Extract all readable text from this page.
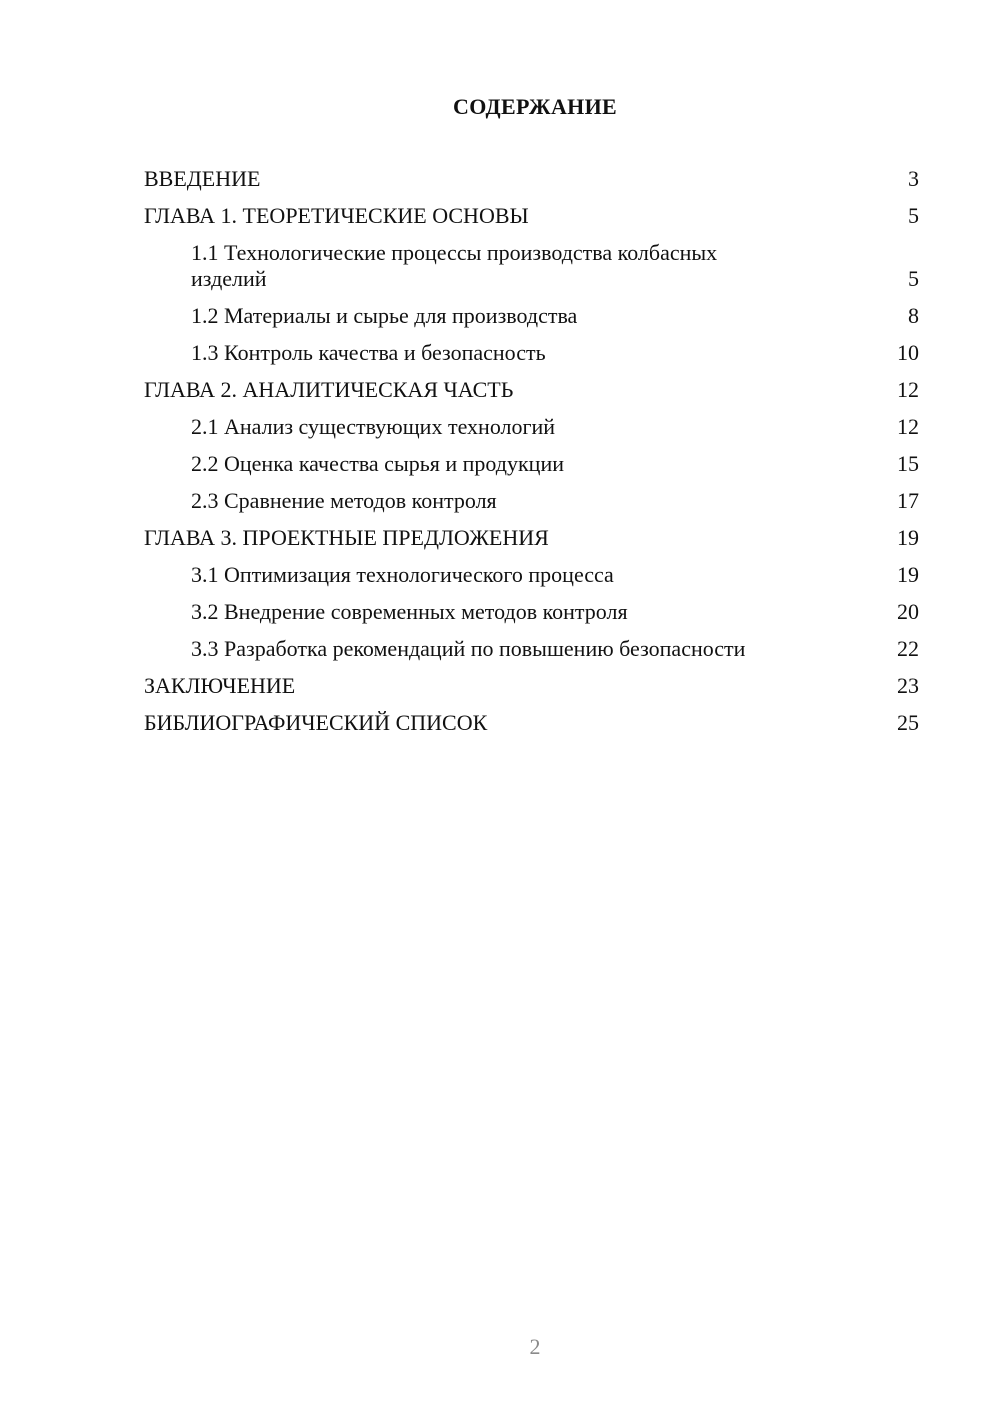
СОДЕРЖАНИЕ
ВВЕДЕНИЕ	3
ГЛАВА 1. ТЕОРЕТИЧЕСКИЕ ОСНОВЫ	5
1.1 Технологические процессы производства колбасных изделий	5
1.2 Материалы и сырье для производства	8
1.3 Контроль качества и безопасность	10
ГЛАВА 2. АНАЛИТИЧЕСКАЯ ЧАСТЬ	12
2.1 Анализ существующих технологий	12
2.2 Оценка качества сырья и продукции	15
2.3 Сравнение методов контроля	17
ГЛАВА 3. ПРОЕКТНЫЕ ПРЕДЛОЖЕНИЯ	19
3.1 Оптимизация технологического процесса	19
3.2 Внедрение современных методов контроля	20
3.3 Разработка рекомендаций по повышению безопасности	22
ЗАКЛЮЧЕНИЕ	23
БИБЛИОГРАФИЧЕСКИЙ СПИСОК	25
2
